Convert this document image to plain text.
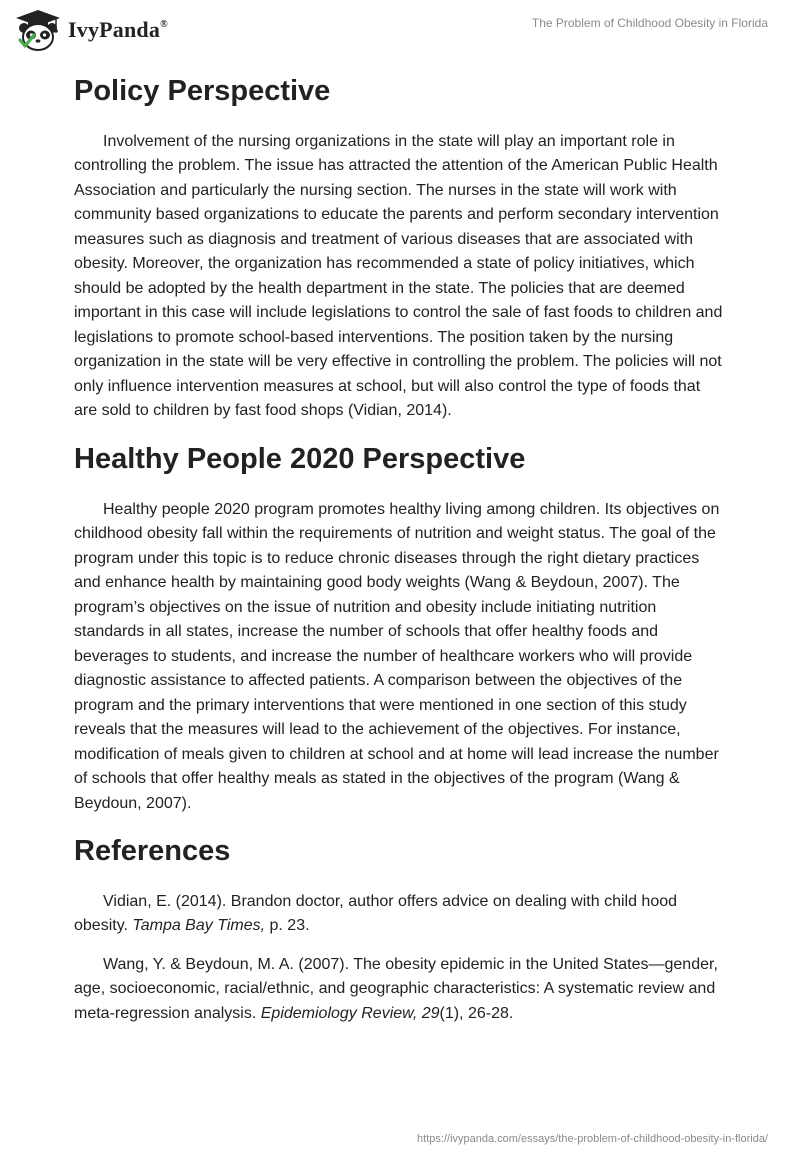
IvyPanda®	The Problem of Childhood Obesity in Florida
Policy Perspective

Involvement of the nursing organizations in the state will play an important role in controlling the problem. The issue has attracted the attention of the American Public Health Association and particularly the nursing section. The nurses in the state will work with community based organizations to educate the parents and perform secondary intervention measures such as diagnosis and treatment of various diseases that are associated with obesity. Moreover, the organization has recommended a state of policy initiatives, which should be adopted by the health department in the state. The policies that are deemed important in this case will include legislations to control the sale of fast foods to children and legislations to promote school-based interventions. The position taken by the nursing organization in the state will be very effective in controlling the problem. The policies will not only influence intervention measures at school, but will also control the type of foods that are sold to children by fast food shops (Vidian, 2014).

Healthy People 2020 Perspective

Healthy people 2020 program promotes healthy living among children. Its objectives on childhood obesity fall within the requirements of nutrition and weight status. The goal of the program under this topic is to reduce chronic diseases through the right dietary practices and enhance health by maintaining good body weights (Wang & Beydoun, 2007). The program’s objectives on the issue of nutrition and obesity include initiating nutrition standards in all states, increase the number of schools that offer healthy foods and beverages to students, and increase the number of healthcare workers who will provide diagnostic assistance to affected patients. A comparison between the objectives of the program and the primary interventions that were mentioned in one section of this study reveals that the measures will lead to the achievement of the objectives. For instance, modification of meals given to children at school and at home will lead increase the number of schools that offer healthy meals as stated in the objectives of the program (Wang & Beydoun, 2007).

References

Vidian, E. (2014). Brandon doctor, author offers advice on dealing with child hood obesity. Tampa Bay Times, p. 23.

Wang, Y. & Beydoun, M. A. (2007). The obesity epidemic in the United States—gender, age, socioeconomic, racial/ethnic, and geographic characteristics: A systematic review and meta-regression analysis. Epidemiology Review, 29(1), 26-28.

https://ivypanda.com/essays/the-problem-of-childhood-obesity-in-florida/
